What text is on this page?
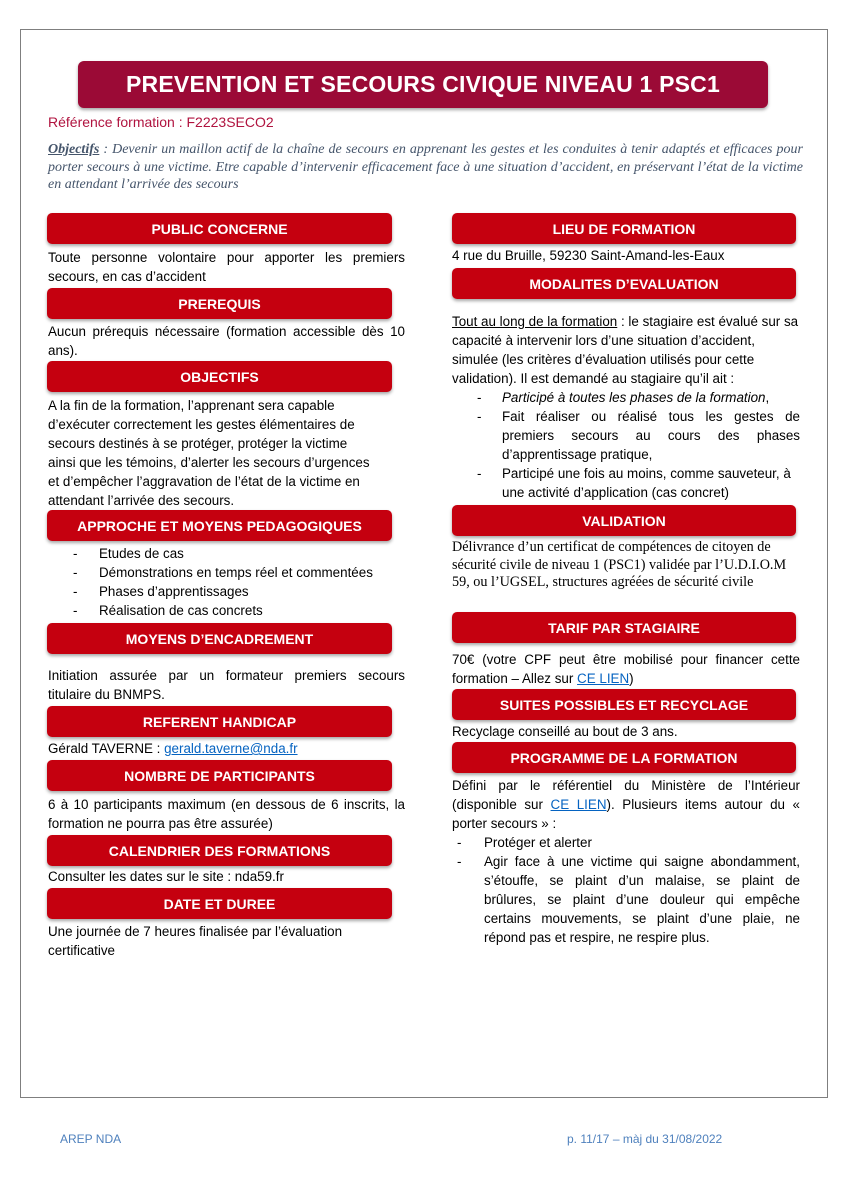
PREVENTION ET SECOURS CIVIQUE NIVEAU 1 PSC1
Référence formation : F2223SECO2
Objectifs : Devenir un maillon actif de la chaîne de secours en apprenant les gestes et les conduites à tenir adaptés et efficaces pour porter secours à une victime. Etre capable d’intervenir efficacement face à une situation d’accident, en préservant l’état de la victime en attendant l’arrivée des secours
PUBLIC CONCERNE
Toute personne volontaire pour apporter les premiers secours, en cas d’accident
PREREQUIS
Aucun prérequis nécessaire (formation accessible dès 10 ans).
OBJECTIFS
A la fin de la formation, l’apprenant sera capable d’exécuter correctement les gestes élémentaires de secours destinés à se protéger, protéger la victime ainsi que les témoins, d’alerter les secours d’urgences et d’empêcher l’aggravation de l’état de la victime en attendant l’arrivée des secours.
APPROCHE ET MOYENS PEDAGOGIQUES
- Etudes de cas
- Démonstrations en temps réel et commentées
- Phases d’apprentissages
- Réalisation de cas concrets
MOYENS D’ENCADREMENT
Initiation assurée par un formateur premiers secours titulaire du BNMPS.
REFERENT HANDICAP
Gérald TAVERNE : gerald.taverne@nda.fr
NOMBRE DE PARTICIPANTS
6 à 10 participants maximum (en dessous de 6 inscrits, la formation ne pourra pas être assurée)
CALENDRIER DES FORMATIONS
Consulter les dates sur le site : nda59.fr
DATE ET DUREE
Une journée de 7 heures finalisée par l’évaluation certificative
LIEU DE FORMATION
4 rue du Bruille, 59230 Saint-Amand-les-Eaux
MODALITES D’EVALUATION
Tout au long de la formation : le stagiaire est évalué sur sa capacité à intervenir lors d’une situation d’accident, simulée (les critères d’évaluation utilisés pour cette validation). Il est demandé au stagiaire qu’il ait :
- Participé à toutes les phases de la formation,
- Fait réaliser ou réalisé tous les gestes de premiers secours au cours des phases d’apprentissage pratique,
- Participé une fois au moins, comme sauveteur, à une activité d’application (cas concret)
VALIDATION
Délivrance d’un certificat de compétences de citoyen de sécurité civile de niveau 1 (PSC1) validée par l’U.D.I.O.M 59, ou l’UGSEL, structures agréées de sécurité civile
TARIF PAR STAGIAIRE
70€ (votre CPF peut être mobilisé pour financer cette formation – Allez sur CE LIEN)
SUITES POSSIBLES ET RECYCLAGE
Recyclage conseillé au bout de 3 ans.
PROGRAMME DE LA FORMATION
Défini par le référentiel du Ministère de l’Intérieur (disponible sur CE LIEN). Plusieurs items autour du « porter secours » :
- Protéger et alerter
- Agir face à une victime qui saigne abondamment, s’étouffe, se plaint d’un malaise, se plaint de brûlures, se plaint d’une douleur qui empêche certains mouvements, se plaint d’une plaie, ne répond pas et respire, ne respire plus.
AREP NDA	p. 11/17 – màj du 31/08/2022
